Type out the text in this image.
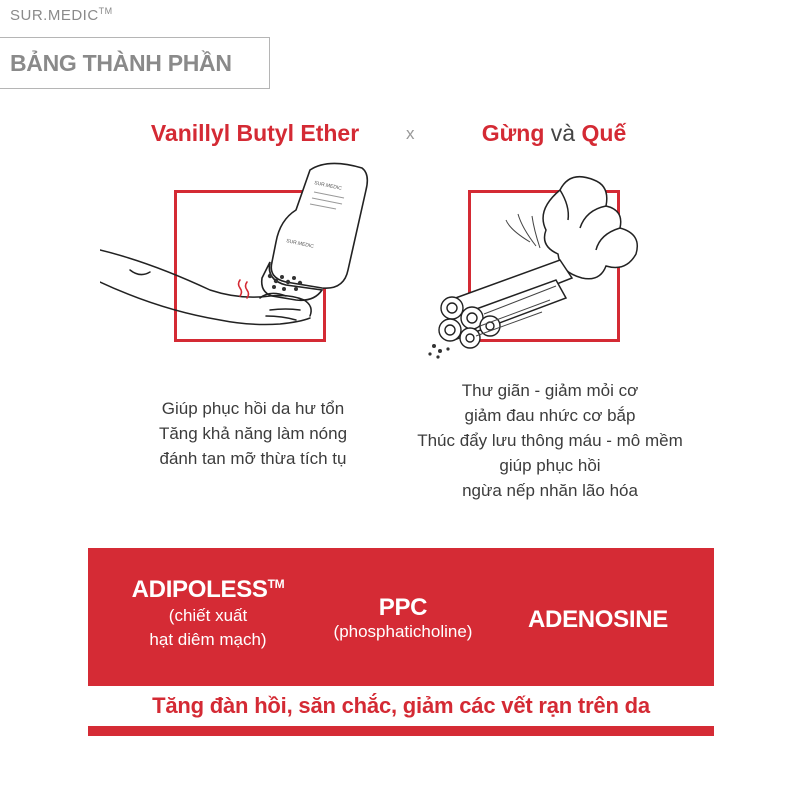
SUR.MEDIC™
BẢNG THÀNH PHẦN
Vanillyl Butyl Ether	x	Gừng và Quế
SUR.MEDIC
SUR.MEDIC
Giúp phục hồi da hư tổn
Tăng khả năng làm nóng
đánh tan mỡ thừa tích tụ
Thư giãn - giảm mỏi cơ
giảm đau nhức cơ bắp
Thúc đẩy lưu thông máu - mô mềm
giúp phục hồi
ngừa nếp nhăn lão hóa
ADIPOLESS™
(chiết xuất
hạt diêm mạch)
PPC
(phosphaticholine)	ADENOSINE
Tăng đàn hồi, săn chắc, giảm các vết rạn trên da
